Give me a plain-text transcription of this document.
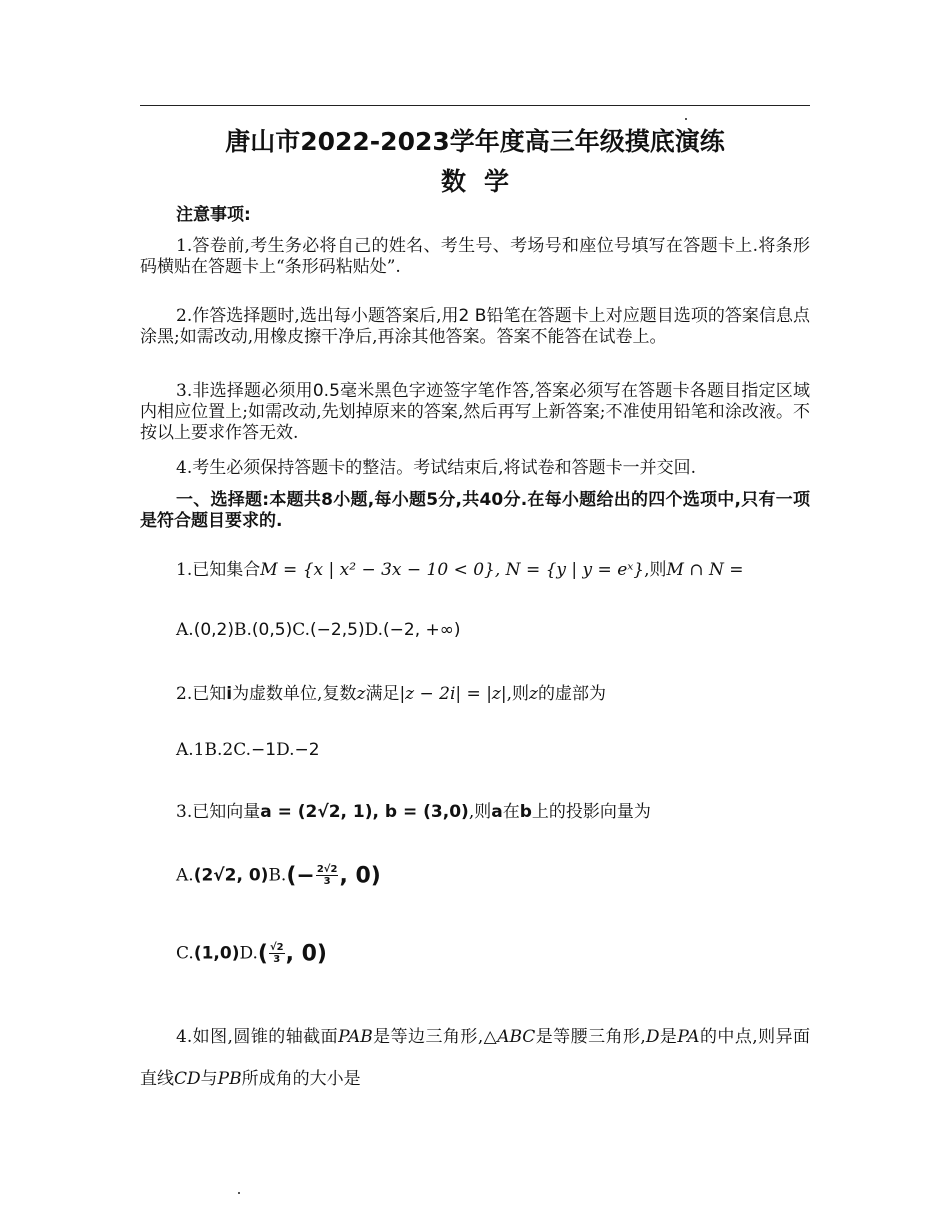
唐山市2022-2023学年度高三年级摸底演练
数学
注意事项:
1.答卷前,考生务必将自己的姓名、考生号、考场号和座位号填写在答题卡上.将条形码横贴在答题卡上“条形码粘贴处”.
2.作答选择题时,选出每小题答案后,用2 B铅笔在答题卡上对应题目选项的答案信息点涂黑;如需改动,用橡皮擦干净后,再涂其他答案。答案不能答在试卷上。
3.非选择题必须用0.5毫米黑色字迹签字笔作答,答案必须写在答题卡各题目指定区域内相应位置上;如需改动,先划掉原来的答案,然后再写上新答案;不准使用铅笔和涂改液。不按以上要求作答无效.
4.考生必须保持答题卡的整洁。考试结束后,将试卷和答题卡一并交回.
一、选择题:本题共8小题,每小题5分,共40分.在每小题给出的四个选项中,只有一项是符合题目要求的.
1.已知集合M = {x | x² − 3x − 10 < 0}, N = {y | y = eˣ},则M ∩ N =
A.(0,2)B.(0,5)C.(−2,5)D.(−2, +∞)
2.已知i为虚数单位,复数z满足|z − 2i| = |z|,则z的虚部为
A.1B.2C.−1D.−2
3.已知向量a = (2√2, 1), b = (3,0),则a在b上的投影向量为
A.(2√2, $0)B.(- \frac{2√2}{3}$ , 0)
$C.(1,0)D.( \frac{√2}{3}$ , 0)
4.如图,圆锥的轴截面PAB是等边三角形,△ABC是等腰三角形,D是PA的中点,则异面直线CD与PB所成角的大小是
